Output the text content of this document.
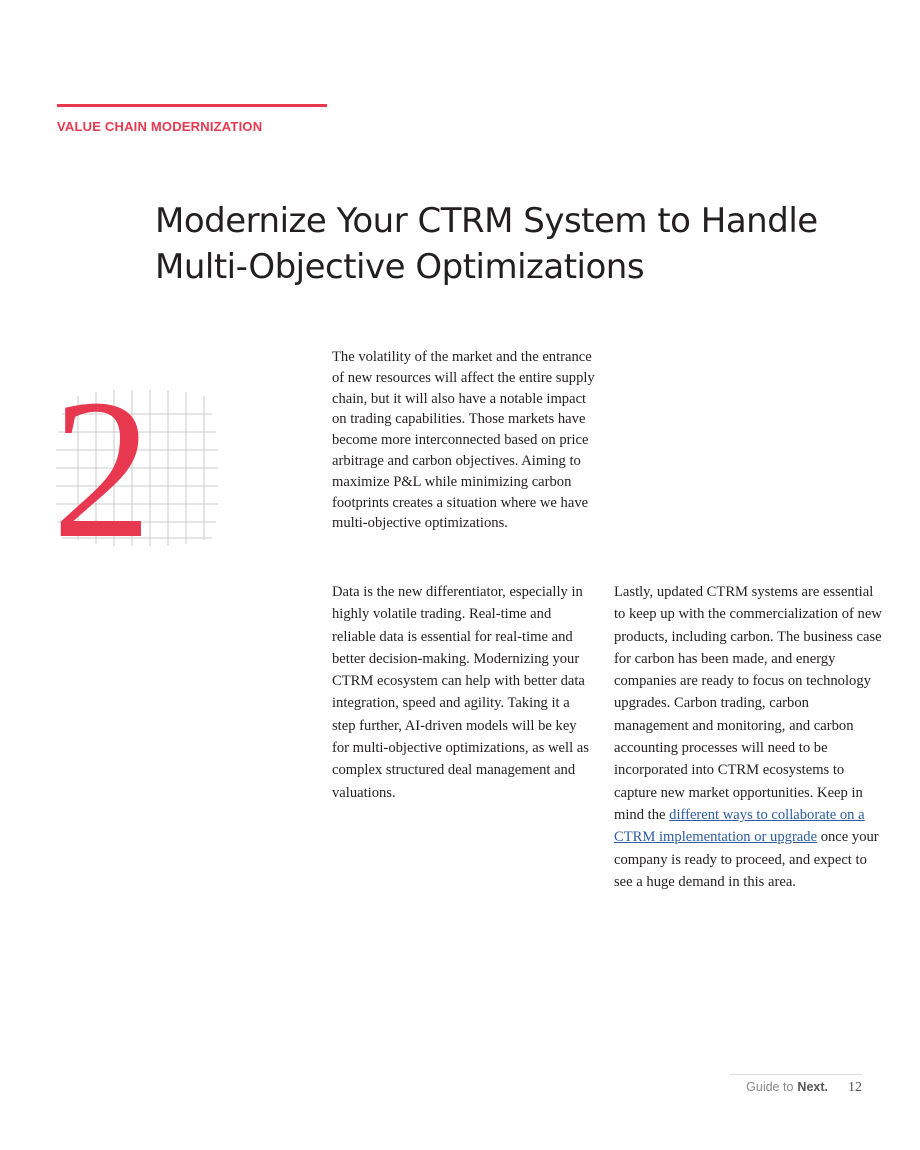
VALUE CHAIN MODERNIZATION
Modernize Your CTRM System to Handle
Multi-Objective Optimizations
2

The volatility of the market and the entrance of new resources will affect the entire supply chain, but it will also have a notable impact on trading capabilities. Those markets have become more interconnected based on price arbitrage and carbon objectives. Aiming to maximize P&L while minimizing carbon footprints creates a situation where we have multi-objective optimizations.

Data is the new differentiator, especially in highly volatile trading. Real-time and reliable data is essential for real-time and better decision-making. Modernizing your CTRM ecosystem can help with better data integration, speed and agility. Taking it a step further, AI-driven models will be key for multi-objective optimizations, as well as complex structured deal management and valuations.

Lastly, updated CTRM systems are essential to keep up with the commercialization of new products, including carbon. The business case for carbon has been made, and energy companies are ready to focus on technology upgrades. Carbon trading, carbon management and monitoring, and carbon accounting processes will need to be incorporated into CTRM ecosystems to capture new market opportunities. Keep in mind the different ways to collaborate on a CTRM implementation or upgrade once your company is ready to proceed, and expect to see a huge demand in this area.

Guide to Next. 12
